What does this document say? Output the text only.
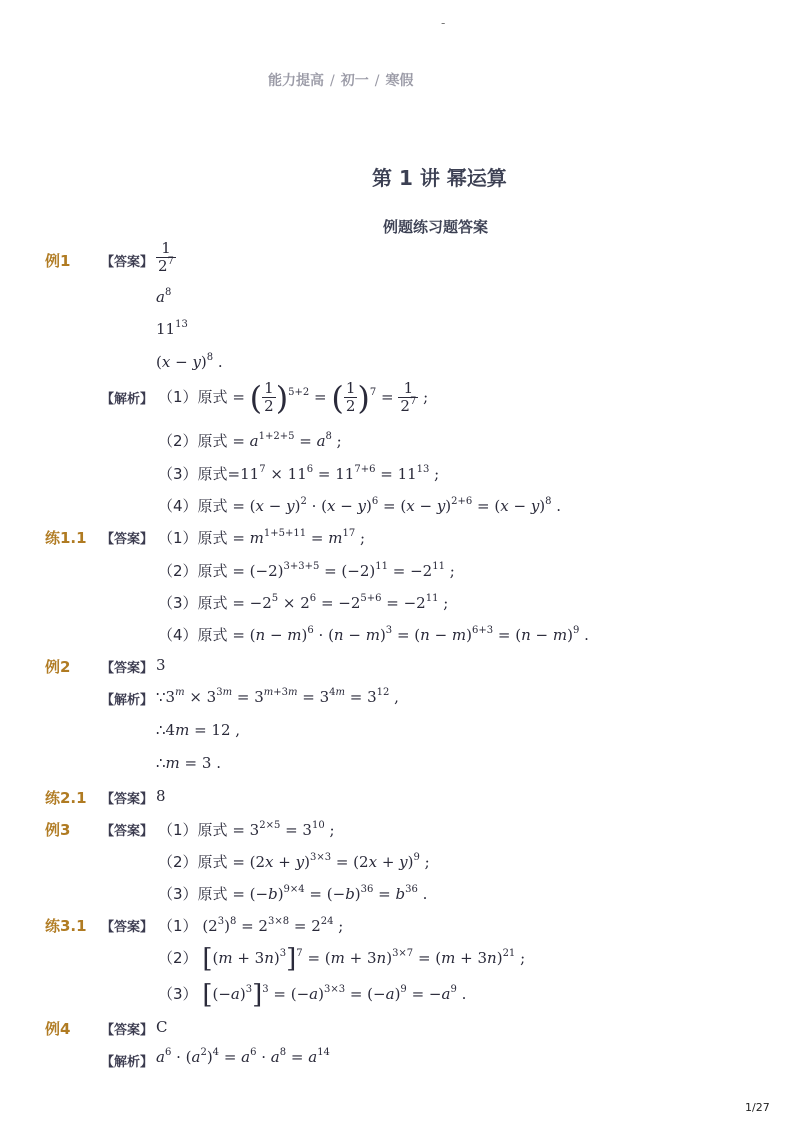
-
能力提高 / 初一 / 寒假
第 1 讲 幂运算
例题练习题答案
例1 【答案】 $\frac{1}{2^7}$
$a^8$
$11^{13}$
$(x - y)^8$ .
【解析】 （1）原式 = ( $\frac{1}{2} )^{5+2}$ = ( $\frac{1}{2} )^7 = \frac{1}{2^7}$ ;
（2）原式 = $a^{1+2+5} = a^8$ ;
（3）原式$=11^7 \times 11^6 = 11^{7+6} = 11^{13}$ ;
（4）原式 = $(x - y)^2 \cdot (x - y)^6 = (x - y)^{2+6} = (x - y)^8$ .
练1.1 【答案】 （1）原式 = $m^{1+5+11} = m^{17}$ ;
（2）原式 = $(-2)^{3+3+5} = (-2)^{11} = -2^{11}$ ;
（3）原式 = $-2^5 \times 2^6 = -2^{5+6} = -2^{11}$ ;
（4）原式 = $(n - m)^6 \cdot (n - m)^3 = (n - m)^{6+3} = (n - m)^9$ .
例2 【答案】 3
【解析】 $\because 3^m \times 3^{3m} = 3^{m+3m} = 3^{4m} = 3^{12}$ ,
∴4m = 12 ,
∴m = 3 .
练2.1 【答案】 8
例3 【答案】 （1）原式 = $3^{2\times 5} = 3^{10}$ ;
（2）原式 = $(2x + y)^{3\times 3} = (2x + y)^9$ ;
（3）原式 = $(-b)^{9\times 4} = (-b)^{36} = b^{36}$ .
练3.1 【答案】 （1） $(2^3)^8 = 2^{3\times 8} = 2^{24}$ ;
（2） $[(m + 3n)^3]^7 = (m + 3n)^{3\times 7} = (m + 3n)^{21}$ ;
（3） $[(-a)^3]^3 = (-a)^{3\times 3} = (-a)^9 = -a^9$ .
例4 【答案】 C
【解析】 $a^6 \cdot (a^2)^4 = a^6 \cdot a^8 = a^{14}$
1/27
